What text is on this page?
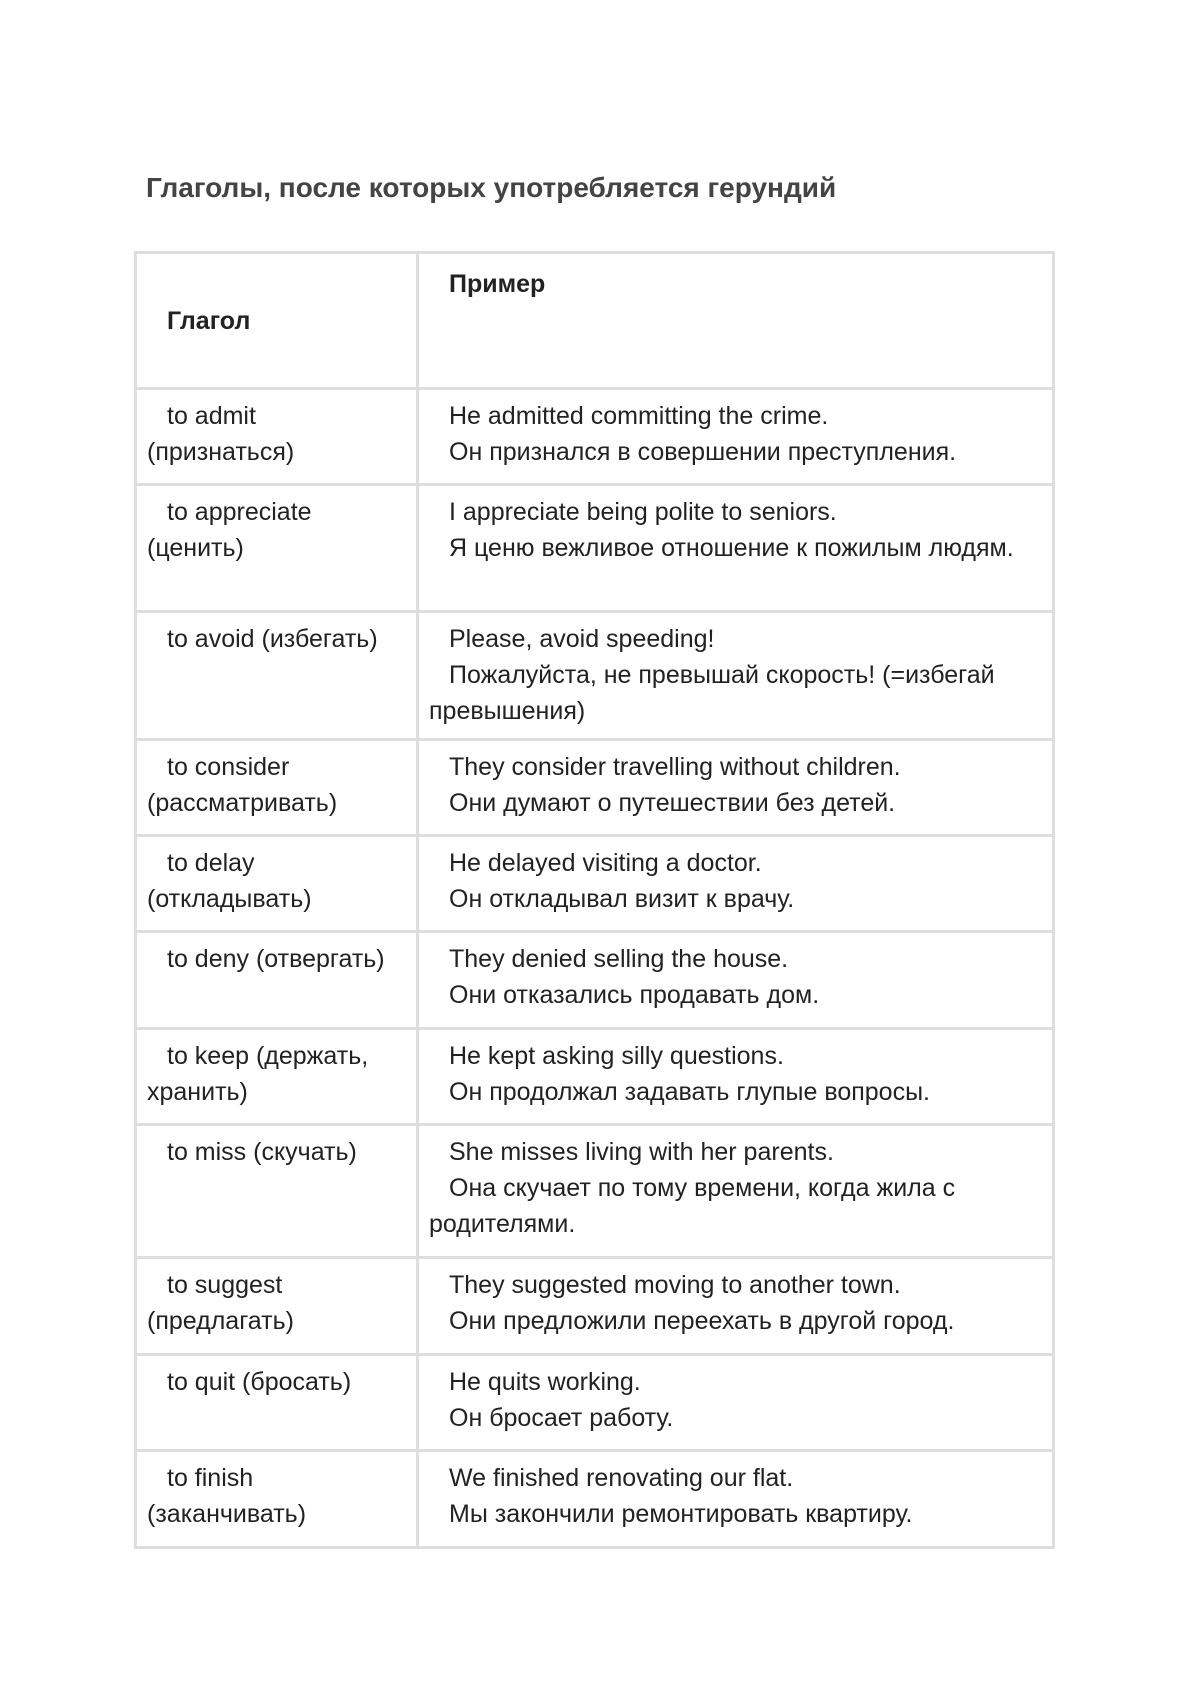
Глаголы, после которых употребляется герундий
Глагол	Пример

to admit (признаться)	He admitted committing the crime.
Он признался в совершении преступления.

to appreciate (ценить)	I appreciate being polite to seniors.
Я ценю вежливое отношение к пожилым людям.

to avoid (избегать)	Please, avoid speeding!
Пожалуйста, не превышай скорость! (=избегай превышения)

to consider (рассматривать)	They consider travelling without children.
Они думают о путешествии без детей.

to delay (откладывать)	He delayed visiting a doctor.
Он откладывал визит к врачу.

to deny (отвергать)	They denied selling the house.
Они отказались продавать дом.

to keep (держать, хранить)	He kept asking silly questions.
Он продолжал задавать глупые вопросы.

to miss (скучать)	She misses living with her parents.
Она скучает по тому времени, когда жила с родителями.

to suggest (предлагать)	They suggested moving to another town.
Они предложили переехать в другой город.

to quit (бросать)	He quits working.
Он бросает работу.

to finish (заканчивать)	We finished renovating our flat.
Мы закончили ремонтировать квартиру.
